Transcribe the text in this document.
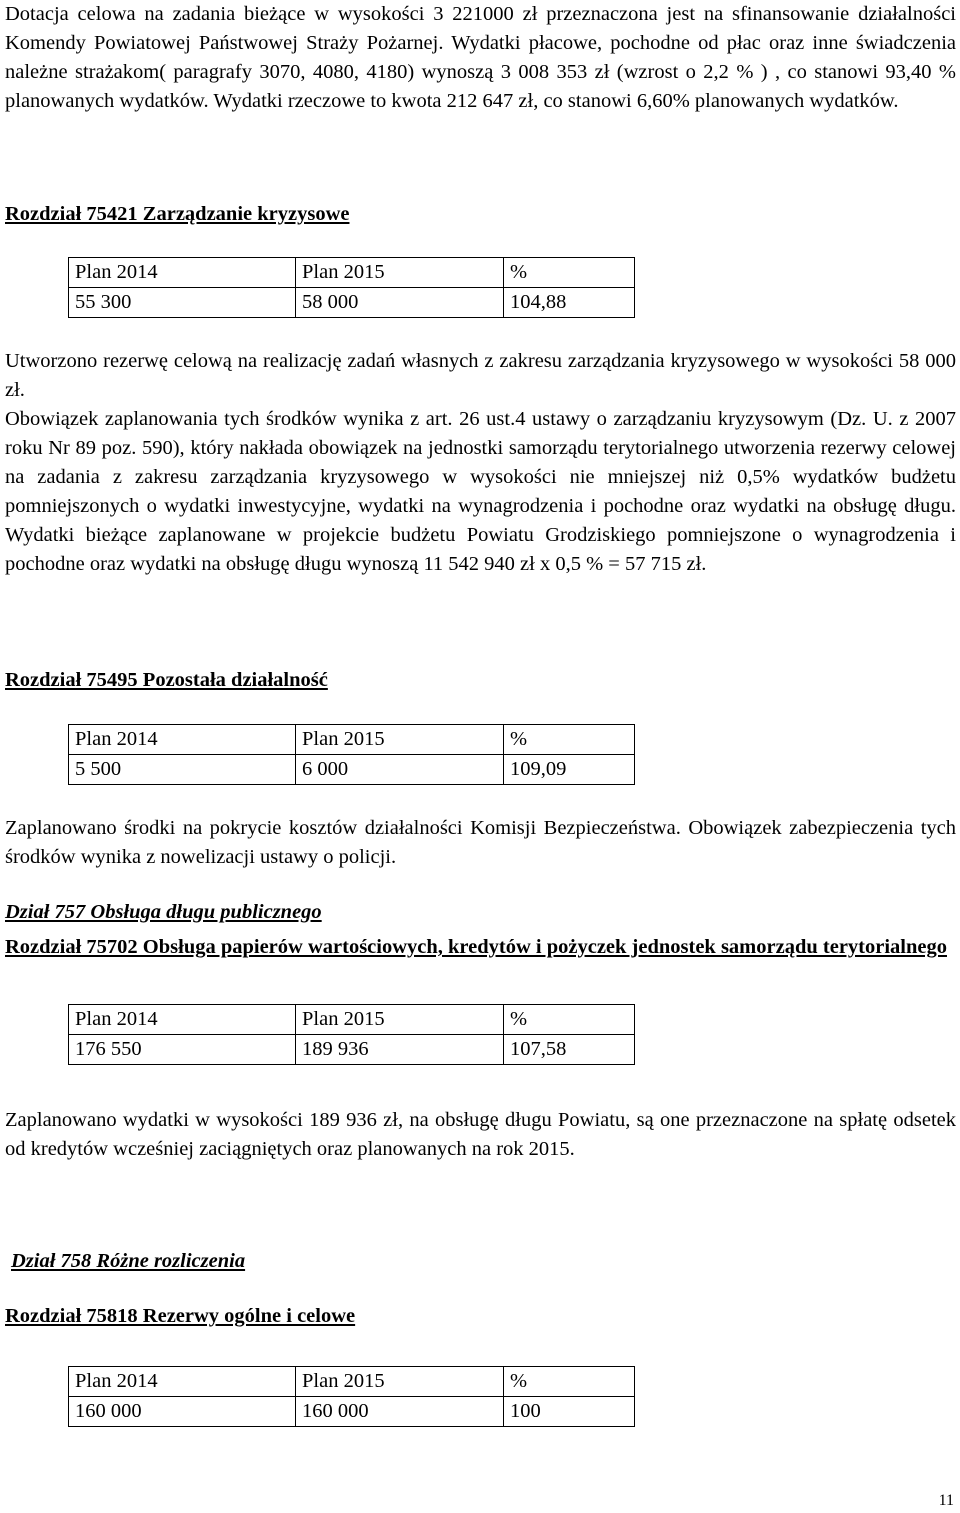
Dotacja celowa na zadania bieżące w wysokości 3 221000 zł przeznaczona jest na sfinansowanie działalności Komendy Powiatowej Państwowej Straży Pożarnej. Wydatki płacowe, pochodne od płac oraz inne świadczenia należne strażakom( paragrafy 3070, 4080, 4180) wynoszą 3 008 353 zł (wzrost o 2,2 % ) , co stanowi 93,40 % planowanych wydatków. Wydatki rzeczowe to kwota 212 647 zł, co stanowi 6,60% planowanych wydatków.

Rozdział 75421 Zarządzanie kryzysowe
Plan 2014	Plan 2015	%
55 300	58 000	104,88

Utworzono rezerwę celową na realizację zadań własnych z zakresu zarządzania kryzysowego w wysokości 58 000 zł.

Obowiązek zaplanowania tych środków wynika z art. 26 ust.4 ustawy o zarządzaniu kryzysowym (Dz. U. z 2007 roku Nr 89 poz. 590), który nakłada obowiązek na jednostki samorządu terytorialnego utworzenia rezerwy celowej na zadania z zakresu zarządzania kryzysowego w wysokości nie mniejszej niż 0,5% wydatków budżetu pomniejszonych o wydatki inwestycyjne, wydatki na wynagrodzenia i pochodne oraz wydatki na obsługę długu. Wydatki bieżące zaplanowane w projekcie budżetu Powiatu Grodziskiego pomniejszone o wynagrodzenia i pochodne oraz wydatki na obsługę długu wynoszą 11 542 940 zł x 0,5 % = 57 715 zł.

Rozdział 75495 Pozostała działalność
Plan 2014	Plan 2015	%
5 500	6 000	109,09

Zaplanowano środki na pokrycie kosztów działalności Komisji Bezpieczeństwa. Obowiązek zabezpieczenia tych środków wynika z nowelizacji ustawy o policji.

Dział 757 Obsługa długu publicznego

Rozdział 75702 Obsługa papierów wartościowych, kredytów i pożyczek jednostek samorządu terytorialnego

Plan 2014	Plan 2015	%
176 550	189 936	107,58

Zaplanowano wydatki w wysokości 189 936 zł, na obsługę długu Powiatu, są one przeznaczone na spłatę odsetek od kredytów wcześniej zaciągniętych oraz planowanych na rok 2015.

Dział 758 Różne rozliczenia
Rozdział 75818 Rezerwy ogólne i celowe
Plan 2014	Plan 2015	%
160 000	160 000	100
11
